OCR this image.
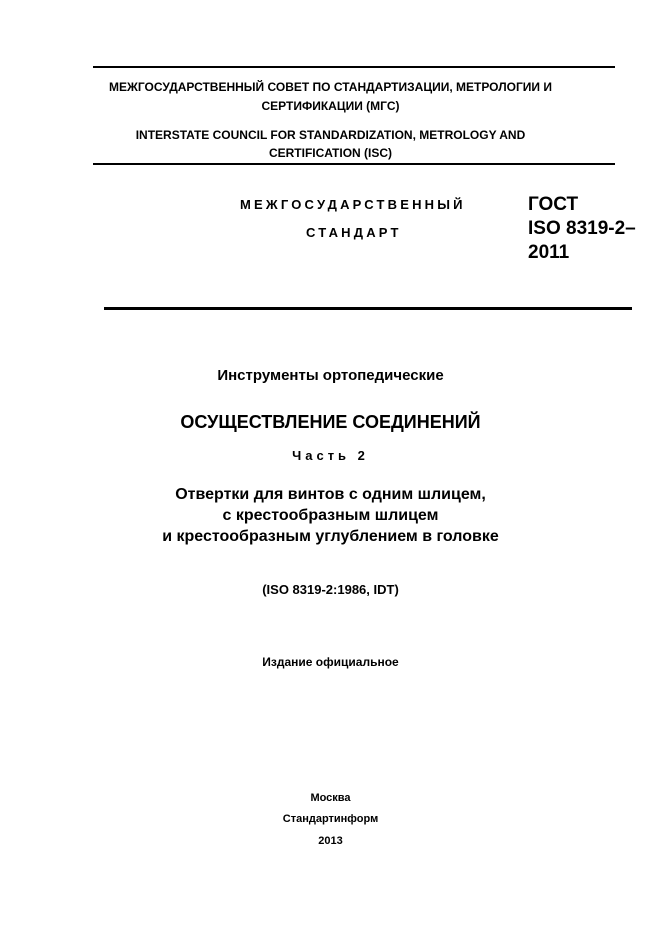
МЕЖГОСУДАРСТВЕННЫЙ СОВЕТ ПО СТАНДАРТИЗАЦИИ, МЕТРОЛОГИИ И
СЕРТИФИКАЦИИ (МГС)
INTERSTATE COUNCIL FOR STANDARDIZATION, METROLOGY AND
CERTIFICATION (ISC)
МЕЖГОСУДАРСТВЕННЫЙ
СТАНДАРТ
ГОСТ
ISO 8319-2–
2011
Инструменты ортопедические
ОСУЩЕСТВЛЕНИЕ СОЕДИНЕНИЙ
Часть 2
Отвертки для винтов с одним шлицем,
с крестообразным шлицем
и крестообразным углублением в головке
(ISO 8319-2:1986, IDT)
Издание официальное
Москва
Стандартинформ
2013
